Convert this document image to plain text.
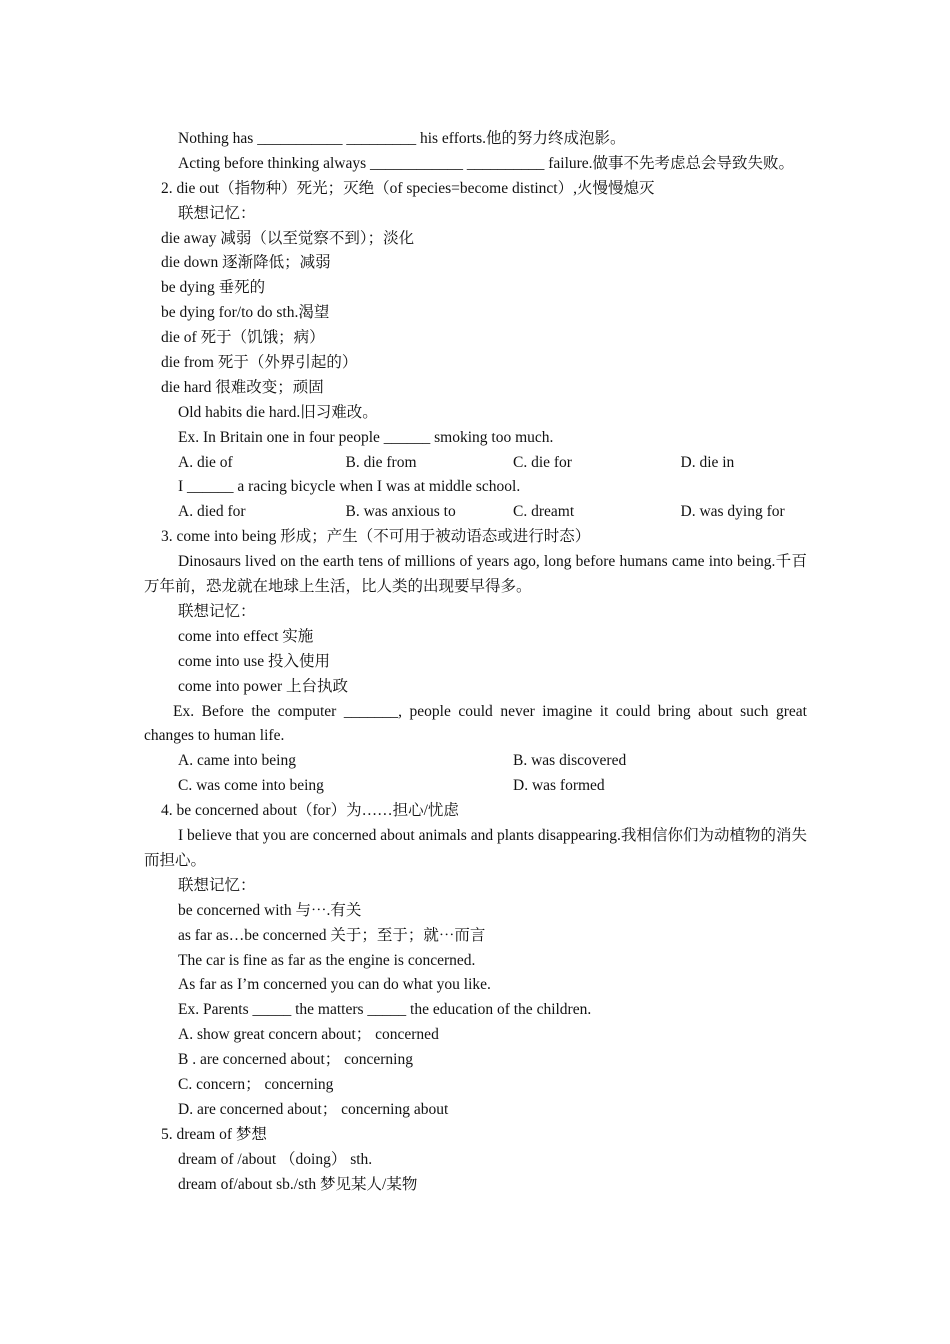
Nothing has ___________ _________ his efforts.他的努力终成泡影。
Acting before thinking always ____________ __________ failure.做事不先考虑总会导致失败。
2. die out（指物种）死光；灭绝（of species=become distinct）,火慢慢熄灭
联想记忆：
die away 减弱（以至觉察不到）；淡化
die down 逐渐降低；减弱
be dying 垂死的
be dying for/to do sth.渴望
die of 死于（饥饿；病）
die from 死于（外界引起的）
die hard 很难改变；顽固
Old habits die hard.旧习难改。
Ex. In Britain one in four people ______ smoking too much.
A. die of	B. die from	C. die for	D. die in
I ______ a racing bicycle when I was at middle school.
A. died for	B. was anxious to	C. dreamt	D. was dying for
3. come into being 形成；产生（不可用于被动语态或进行时态）
Dinosaurs lived on the earth tens of millions of years ago, long before humans came into being.千百万年前，恐龙就在地球上生活，比人类的出现要早得多。
联想记忆：
come into effect 实施
come into use 投入使用
come into power 上台执政
Ex. Before the computer _______, people could never imagine it could bring about such great changes to human life.
A. came into being	B. was discovered
C. was come into being	D. was formed
4. be concerned about（for）为……担心/忧虑
I believe that you are concerned about animals and plants disappearing.我相信你们为动植物的消失而担心。
联想记忆：
be concerned with 与⋯.有关
as far as…be concerned 关于；至于；就⋯而言
The car is fine as far as the engine is concerned.
As far as I’m concerned you can do what you like.
Ex. Parents _____ the matters _____ the education of the children.
A. show great concern about； concerned
B . are concerned about； concerning
C. concern； concerning
D. are concerned about； concerning about
5. dream of 梦想
dream of /about （doing） sth.
dream of/about sb./sth 梦见某人/某物
